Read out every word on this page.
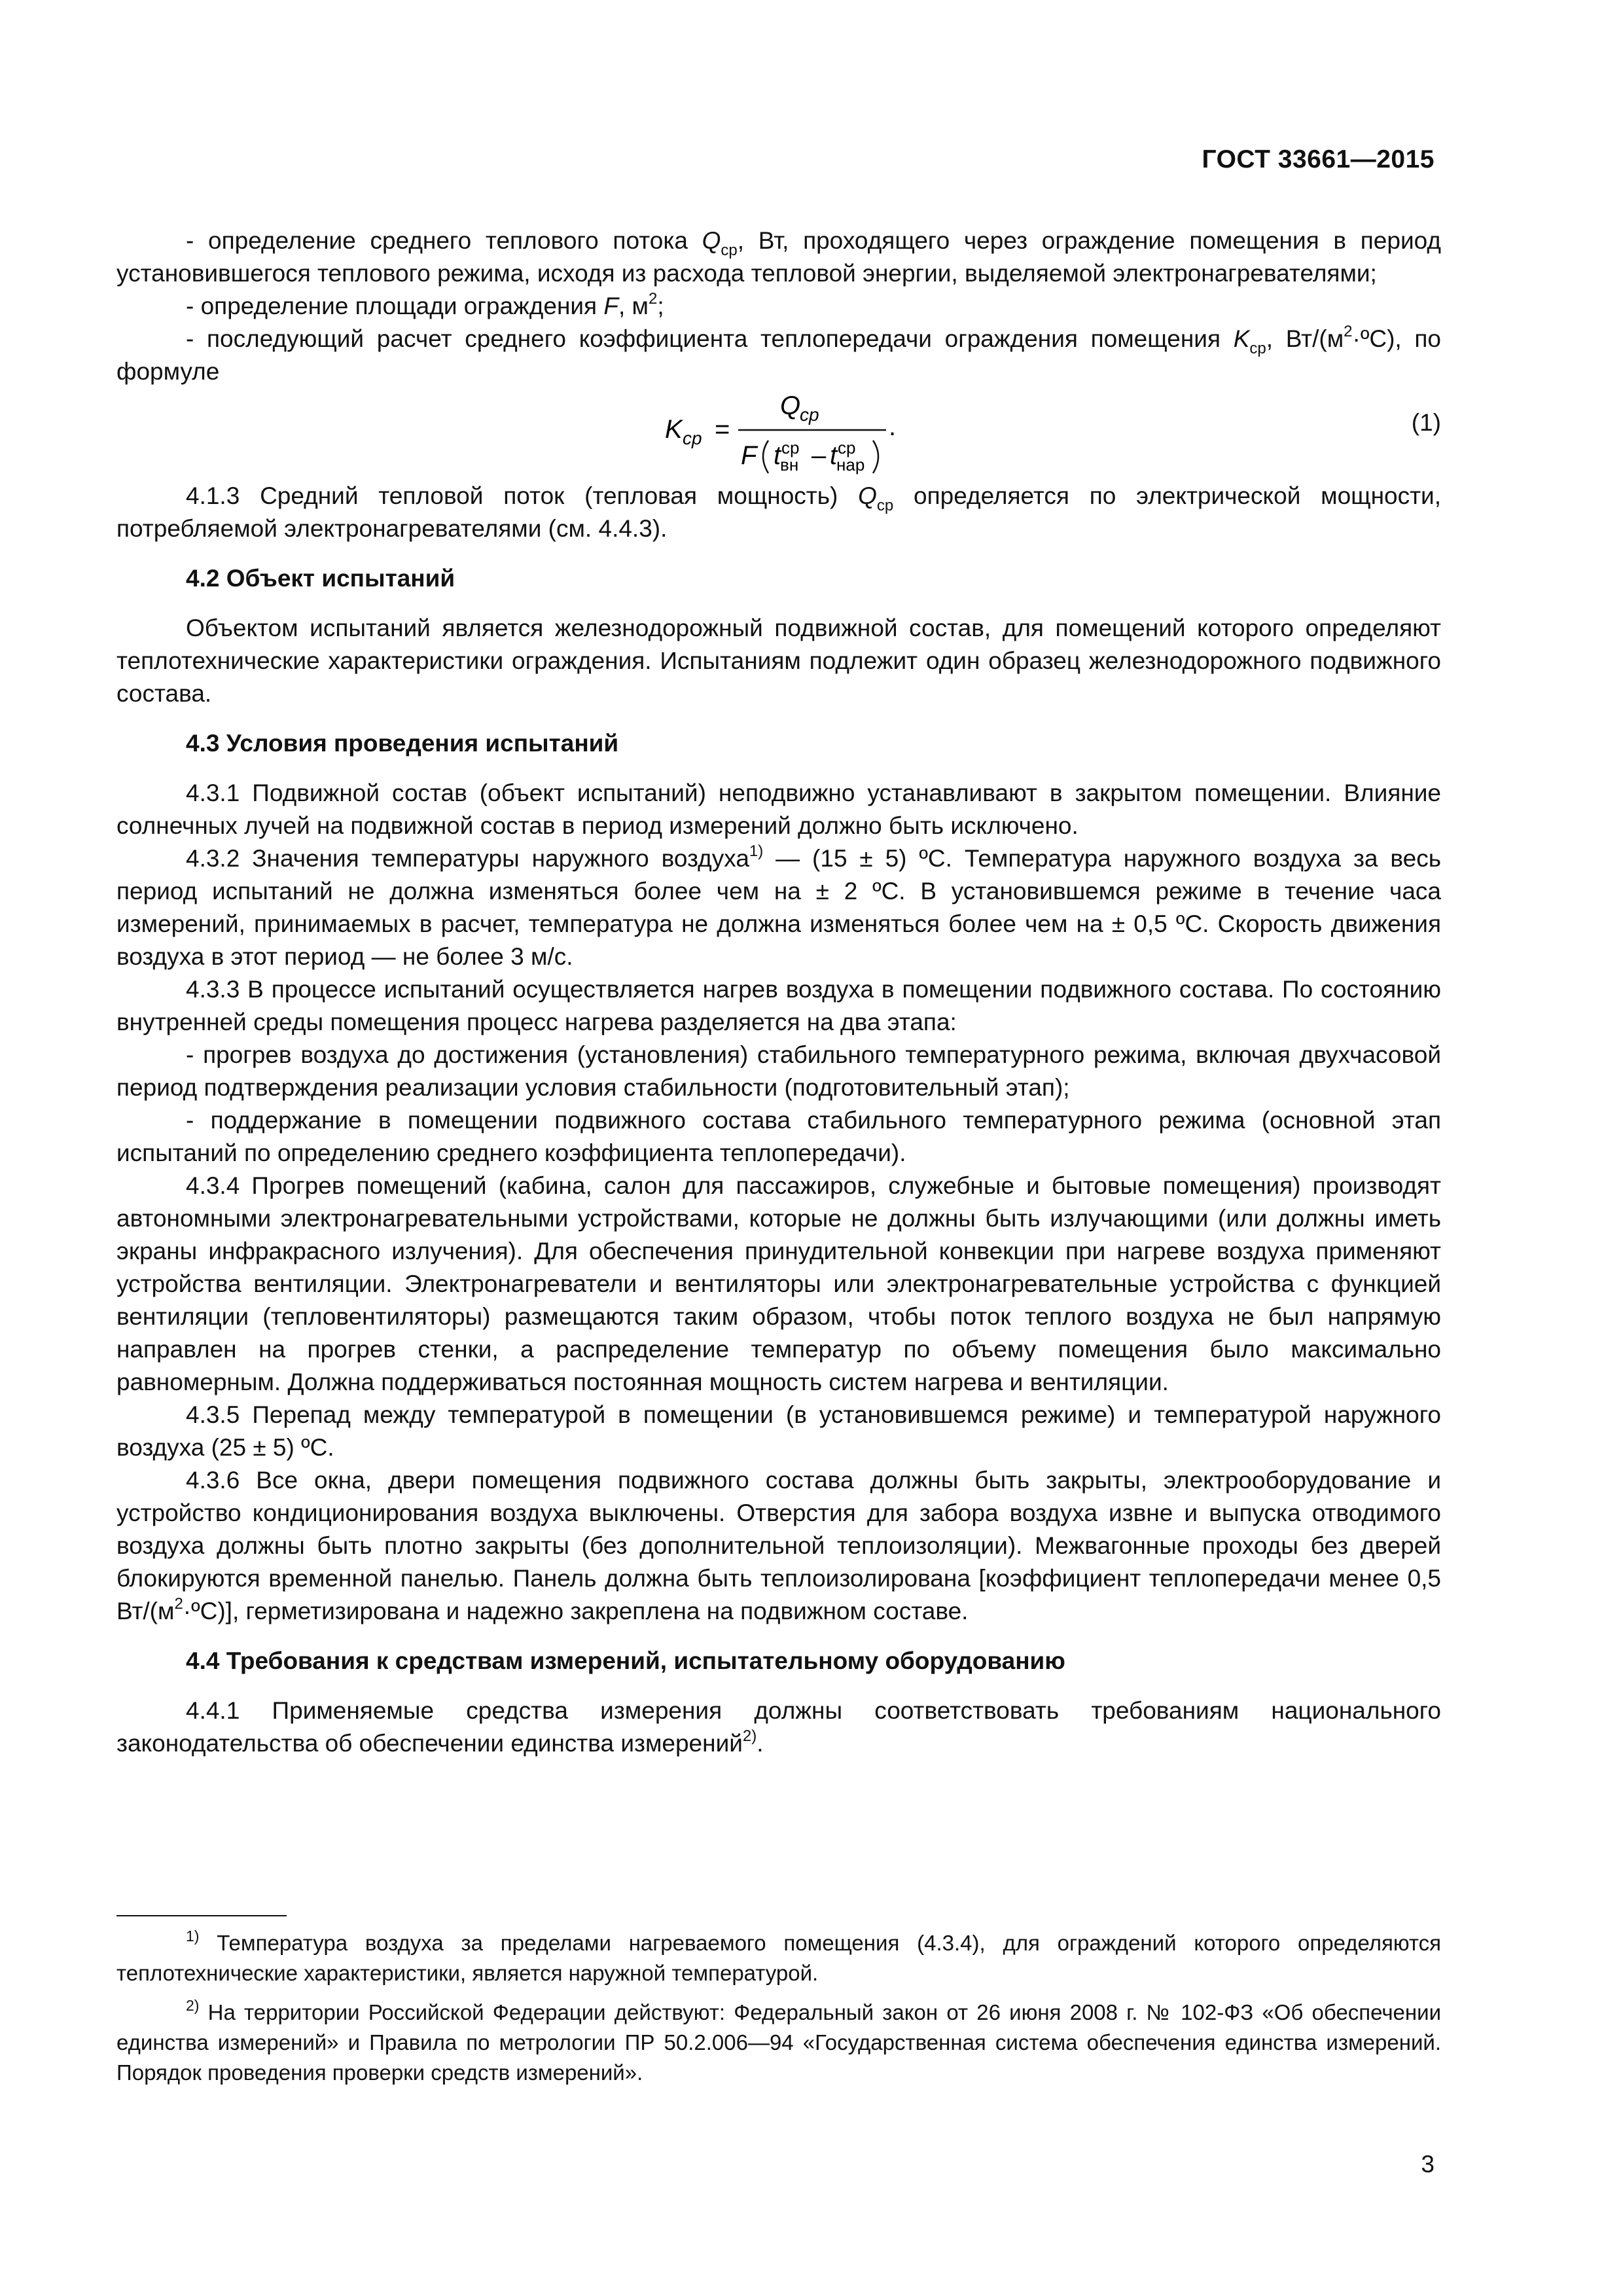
ГОСТ 33661—2015

- определение среднего теплового потока $Q_{ср}$, Вт, проходящего через ограждение помещения в период установившегося теплового режима, исходя из расхода тепловой энергии, выделяемой электронагревателями;

- определение площади ограждения F, $м^2$;

- последующий расчет среднего коэффициента теплопередачи ограждения помещения $K_{ср}$, $Вт/(м^2\cdot ºС)$, по формуле

K ср =
Q
ср	.
F t ср
вн – t ср
нар
(1)

4.1.3 Средний тепловой поток (тепловая мощность) $Q_{ср}$ определяется по электрической мощности, потребляемой электронагревателями (см. 4.4.3).

4.2 Объект испытаний

Объектом испытаний является железнодорожный подвижной состав, для помещений которого определяют теплотехнические характеристики ограждения. Испытаниям подлежит один образец железнодорожного подвижного состава.

4.3 Условия проведения испытаний

4.3.1 Подвижной состав (объект испытаний) неподвижно устанавливают в закрытом помещении. Влияние солнечных лучей на подвижной состав в период измерений должно быть исключено.

4.3.2 Значения температуры наружного воздуха$^{1)}$ — (15 ± 5) ºС. Температура наружного воздуха за весь период испытаний не должна изменяться более чем на ± 2 ºС. В установившемся режиме в течение часа измерений, принимаемых в расчет, температура не должна изменяться более чем на ± 0,5 ºС. Скорость движения воздуха в этот период — не более 3 м/с.

4.3.3 В процессе испытаний осуществляется нагрев воздуха в помещении подвижного состава. По состоянию внутренней среды помещения процесс нагрева разделяется на два этапа:

- прогрев воздуха до достижения (установления) стабильного температурного режима, включая двухчасовой период подтверждения реализации условия стабильности (подготовительный этап);

- поддержание в помещении подвижного состава стабильного температурного режима (основной этап испытаний по определению среднего коэффициента теплопередачи).

4.3.4 Прогрев помещений (кабина, салон для пассажиров, служебные и бытовые помещения) производят автономными электронагревательными устройствами, которые не должны быть излучающими (или должны иметь экраны инфракрасного излучения). Для обеспечения принудительной конвекции при нагреве воздуха применяют устройства вентиляции. Электронагреватели и вентиляторы или электронагревательные устройства с функцией вентиляции (тепловентиляторы) размещаются таким образом, чтобы поток теплого воздуха не был напрямую направлен на прогрев стенки, а распределение температур по объему помещения было максимально равномерным. Должна поддерживаться постоянная мощность систем нагрева и вентиляции.

4.3.5 Перепад между температурой в помещении (в установившемся режиме) и температурой наружного воздуха (25 ± 5) ºС.

4.3.6 Все окна, двери помещения подвижного состава должны быть закрыты, электрооборудование и устройство кондиционирования воздуха выключены. Отверстия для забора воздуха извне и выпуска отводимого воздуха должны быть плотно закрыты (без дополнительной теплоизоляции). Межвагонные проходы без дверей блокируются временной панелью. Панель должна быть теплоизолирована [коэффициент теплопередачи менее 0,5 $Вт/(м^2\cdot ºС)$], герметизирована и надежно закреплена на подвижном составе.

4.4 Требования к средствам измерений, испытательному оборудованию

4.4.1 Применяемые средства измерения должны соответствовать требованиям национального законодательства об обеспечении единства измерений$^{2)}$.

$^{1)}$ Температура воздуха за пределами нагреваемого помещения (4.3.4), для ограждений которого определяются теплотехнические характеристики, является наружной температурой.

$^{2)}$ На территории Российской Федерации действуют: Федеральный закон от 26 июня 2008 г. № 102-ФЗ «Об обеспечении единства измерений» и Правила по метрологии ПР 50.2.006—94 «Государственная система обеспечения единства измерений. Порядок проведения проверки средств измерений».

3
